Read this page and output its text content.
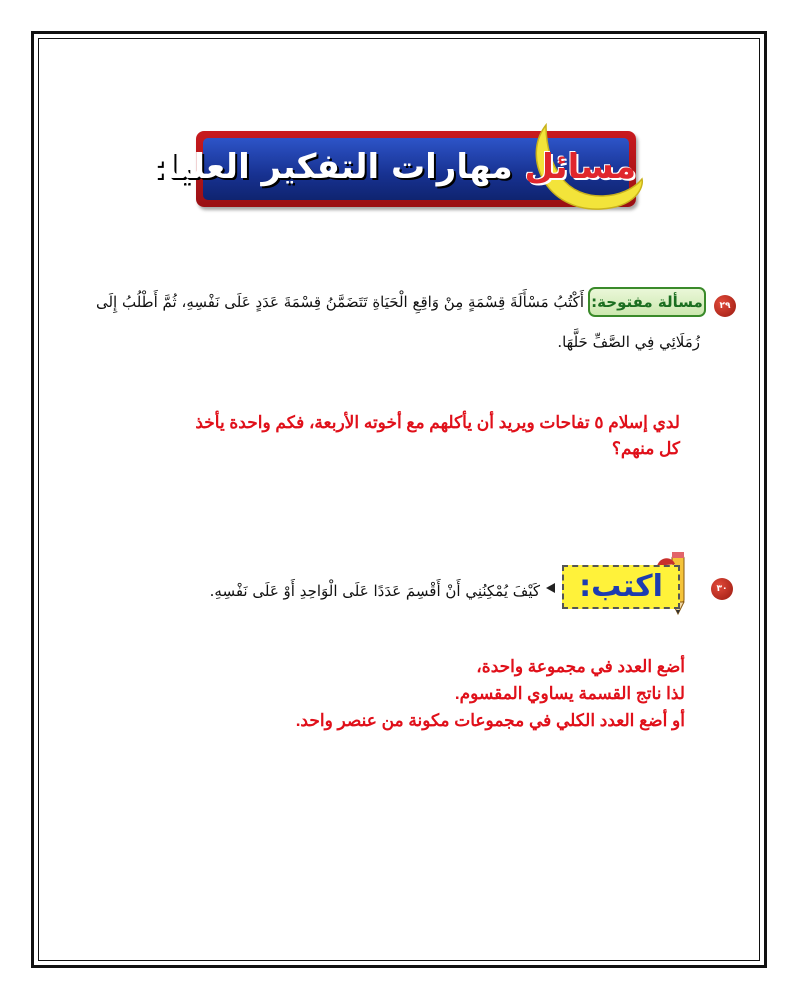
مسائل مهارات التفكير العليا:
٢٩
مسألة مفتوحة:
أَكْتُبُ مَسْأَلَةَ قِسْمَةٍ مِنْ وَاقِعِ الْحَيَاةِ تَتَضَمَّنُ قِسْمَةَ عَدَدٍ عَلَى نَفْسِهِ، ثُمَّ أَطْلُبُ إِلَى
زُمَلَائِي فِي الصَّفِّ حَلَّهَا.
لدي إسلام ٥ تفاحات ويريد أن يأكلهم مع أخوته الأربعة، فكم واحدة يأخذ
كل منهم؟
٣٠
اكتب:
كَيْفَ يُمْكِنُنِي أَنْ أَقْسِمَ عَدَدًا عَلَى الْوَاحِدِ أَوْ عَلَى نَفْسِهِ.
أضع العدد في مجموعة واحدة،
لذا ناتج القسمة يساوي المقسوم.
أو أضع العدد الكلي في مجموعات مكونة من عنصر واحد.
